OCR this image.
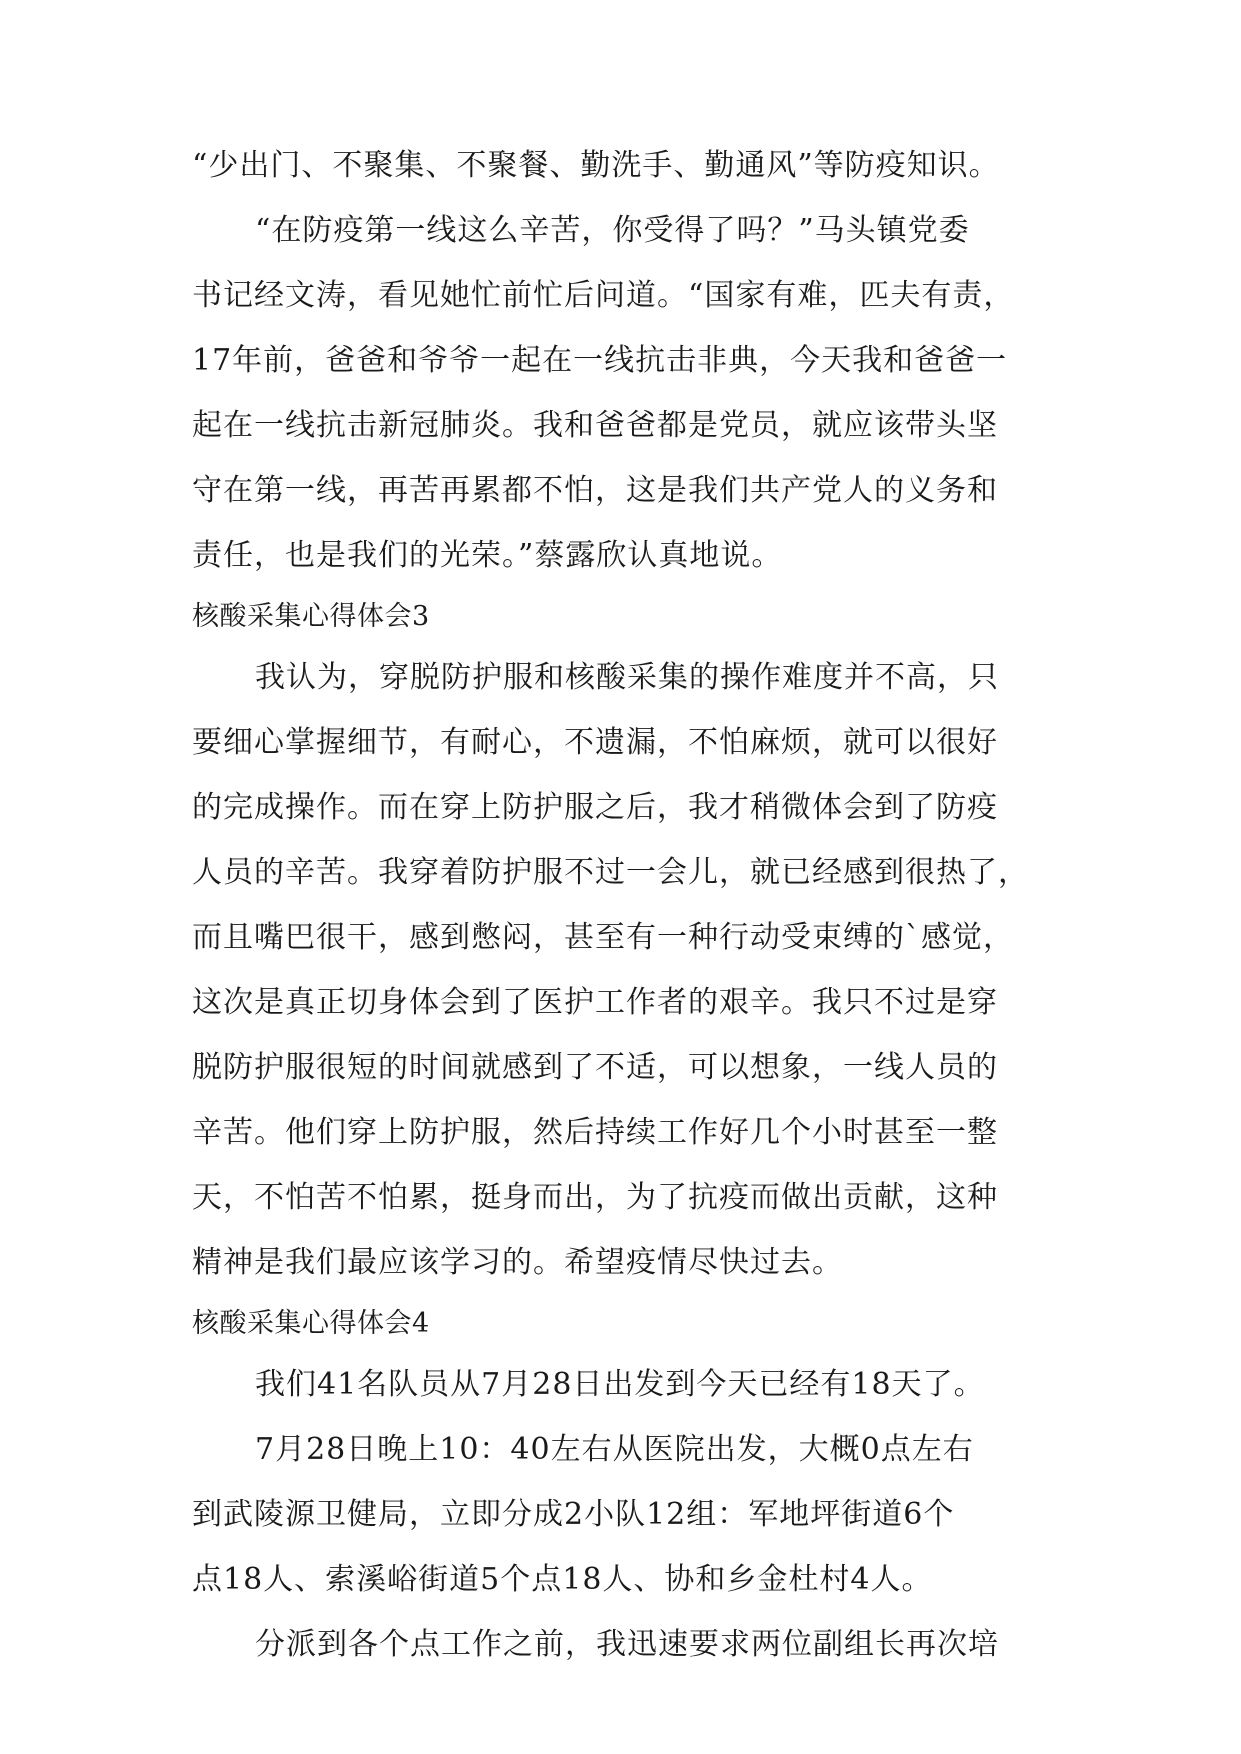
“少出门、不聚集、不聚餐、勤洗手、勤通风”等防疫知识。
“在防疫第一线这么辛苦，你受得了吗？”马头镇党委
书记经文涛，看见她忙前忙后问道。“国家有难，匹夫有责，
17年前，爸爸和爷爷一起在一线抗击非典，今天我和爸爸一
起在一线抗击新冠肺炎。我和爸爸都是党员，就应该带头坚
守在第一线，再苦再累都不怕，这是我们共产党人的义务和
责任，也是我们的光荣。”蔡露欣认真地说。
核酸采集心得体会3
我认为，穿脱防护服和核酸采集的操作难度并不高，只
要细心掌握细节，有耐心，不遗漏，不怕麻烦，就可以很好
的完成操作。而在穿上防护服之后，我才稍微体会到了防疫
人员的辛苦。我穿着防护服不过一会儿，就已经感到很热了，
而且嘴巴很干，感到憋闷，甚至有一种行动受束缚的`感觉，
这次是真正切身体会到了医护工作者的艰辛。我只不过是穿
脱防护服很短的时间就感到了不适，可以想象，一线人员的
辛苦。他们穿上防护服，然后持续工作好几个小时甚至一整
天，不怕苦不怕累，挺身而出，为了抗疫而做出贡献，这种
精神是我们最应该学习的。希望疫情尽快过去。
核酸采集心得体会4
我们41名队员从7月28日出发到今天已经有18天了。
7月28日晚上10：40左右从医院出发，大概0点左右
到武陵源卫健局，立即分成2小队12组：军地坪街道6个
点18人、索溪峪街道5个点18人、协和乡金杜村4人。
分派到各个点工作之前，我迅速要求两位副组长再次培
